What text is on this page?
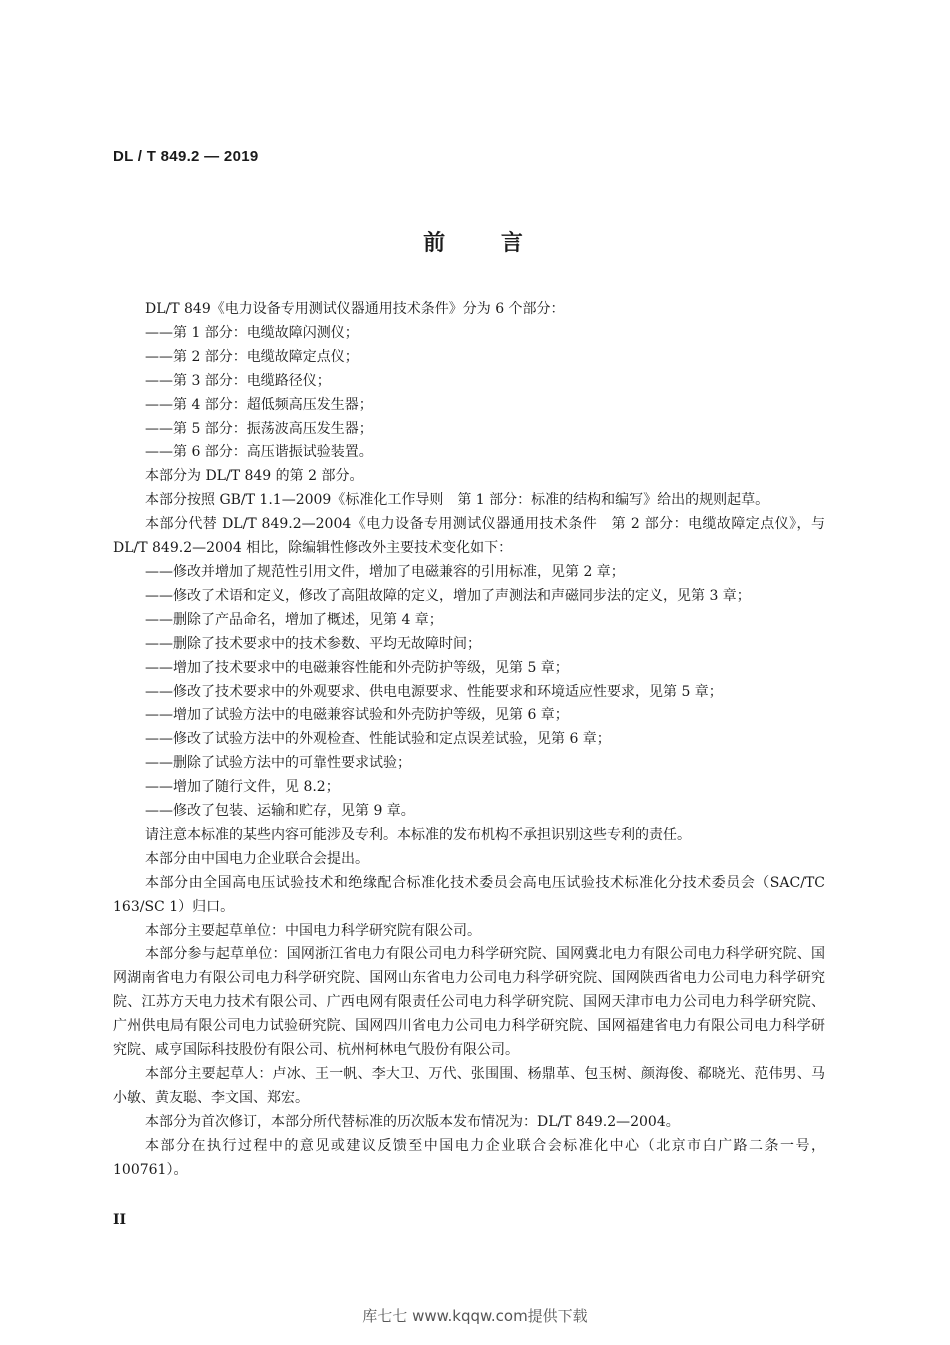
DL / T 849.2 — 2019
前 言

DL/T 849《电力设备专用测试仪器通用技术条件》分为 6 个部分：

——第 1 部分：电缆故障闪测仪；

——第 2 部分：电缆故障定点仪；

——第 3 部分：电缆路径仪；

——第 4 部分：超低频高压发生器；

——第 5 部分：振荡波高压发生器；

——第 6 部分：高压谐振试验装置。

本部分为 DL/T 849 的第 2 部分。

本部分按照 GB/T 1.1—2009《标准化工作导则　第 1 部分：标准的结构和编写》给出的规则起草。

本部分代替 DL/T 849.2—2004《电力设备专用测试仪器通用技术条件　第 2 部分：电缆故障定点仪》，与 DL/T 849.2—2004 相比，除编辑性修改外主要技术变化如下：

——修改并增加了规范性引用文件，增加了电磁兼容的引用标准，见第 2 章；

——修改了术语和定义，修改了高阻故障的定义，增加了声测法和声磁同步法的定义，见第 3 章；

——删除了产品命名，增加了概述，见第 4 章；

——删除了技术要求中的技术参数、平均无故障时间；

——增加了技术要求中的电磁兼容性能和外壳防护等级，见第 5 章；

——修改了技术要求中的外观要求、供电电源要求、性能要求和环境适应性要求，见第 5 章；

——增加了试验方法中的电磁兼容试验和外壳防护等级，见第 6 章；

——修改了试验方法中的外观检查、性能试验和定点误差试验，见第 6 章；

——删除了试验方法中的可靠性要求试验；

——增加了随行文件，见 8.2；

——修改了包装、运输和贮存，见第 9 章。

请注意本标准的某些内容可能涉及专利。本标准的发布机构不承担识别这些专利的责任。

本部分由中国电力企业联合会提出。

本部分由全国高电压试验技术和绝缘配合标准化技术委员会高电压试验技术标准化分技术委员会（SAC/TC 163/SC 1）归口。

本部分主要起草单位：中国电力科学研究院有限公司。

本部分参与起草单位：国网浙江省电力有限公司电力科学研究院、国网冀北电力有限公司电力科学研究院、国网湖南省电力有限公司电力科学研究院、国网山东省电力公司电力科学研究院、国网陕西省电力公司电力科学研究院、江苏方天电力技术有限公司、广西电网有限责任公司电力科学研究院、国网天津市电力公司电力科学研究院、广州供电局有限公司电力试验研究院、国网四川省电力公司电力科学研究院、国网福建省电力有限公司电力科学研究院、咸亨国际科技股份有限公司、杭州柯林电气股份有限公司。

本部分主要起草人：卢冰、王一帆、李大卫、万代、张围围、杨鼎革、包玉树、颜海俊、郗晓光、范伟男、马小敏、黄友聪、李文国、郑宏。

本部分为首次修订，本部分所代替标准的历次版本发布情况为：DL/T 849.2—2004。

本部分在执行过程中的意见或建议反馈至中国电力企业联合会标准化中心（北京市白广路二条一号，100761）。

II
库七七 www.kqqw.com提供下载
